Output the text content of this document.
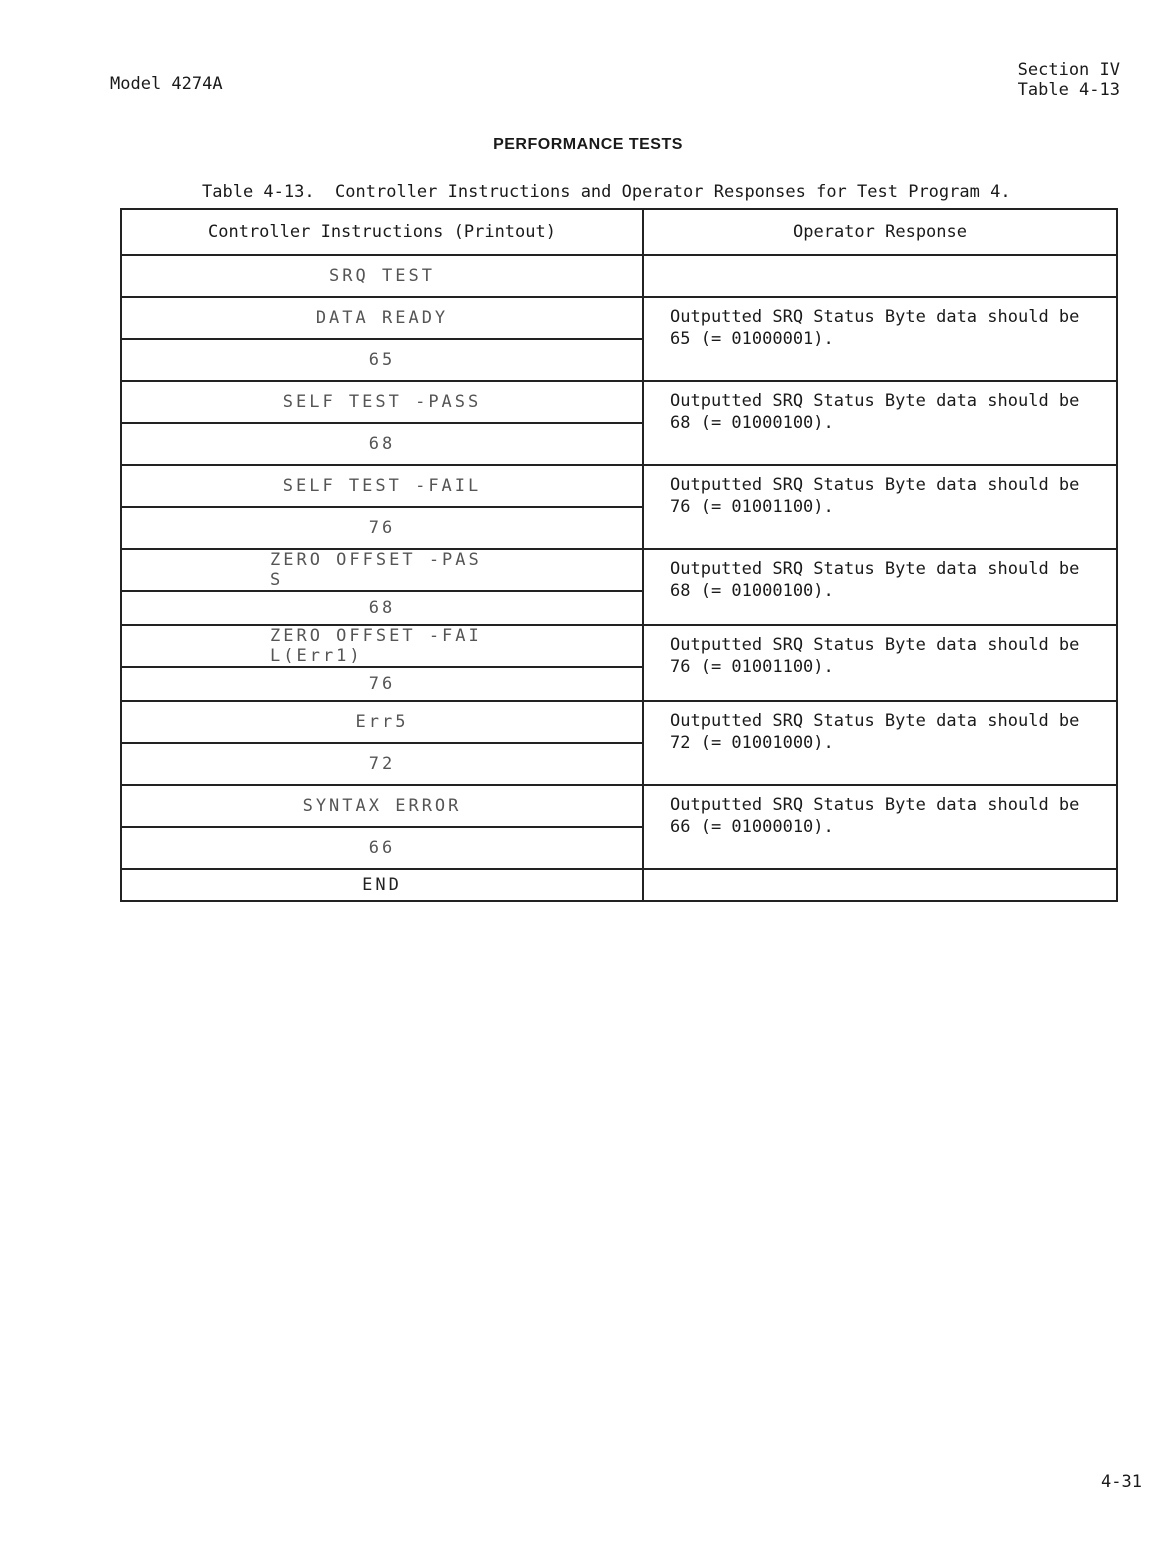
Model 4274A
Section IV
Table 4-13
PERFORMANCE TESTS
Table 4-13.  Controller Instructions and Operator Responses for Test Program 4.
Controller Instructions (Printout)	Operator Response
SRQ TEST	
DATA READY	Outputted SRQ Status Byte data should be 65 (= 01000001).
65	
SELF TEST -PASS	Outputted SRQ Status Byte data should be 68 (= 01000100).
68	
SELF TEST -FAIL	Outputted SRQ Status Byte data should be 76 (= 01001100).
76	

ZERO OFFSET -PAS
S	Outputted SRQ Status Byte data should be 68 (= 01000100).
68	

ZERO OFFSET -FAI
L(Err1)	Outputted SRQ Status Byte data should be 76 (= 01001100).
76	
Err5	Outputted SRQ Status Byte data should be 72 (= 01001000).
72	
SYNTAX ERROR	Outputted SRQ Status Byte data should be 66 (= 01000010).
66	
END	
4-31
